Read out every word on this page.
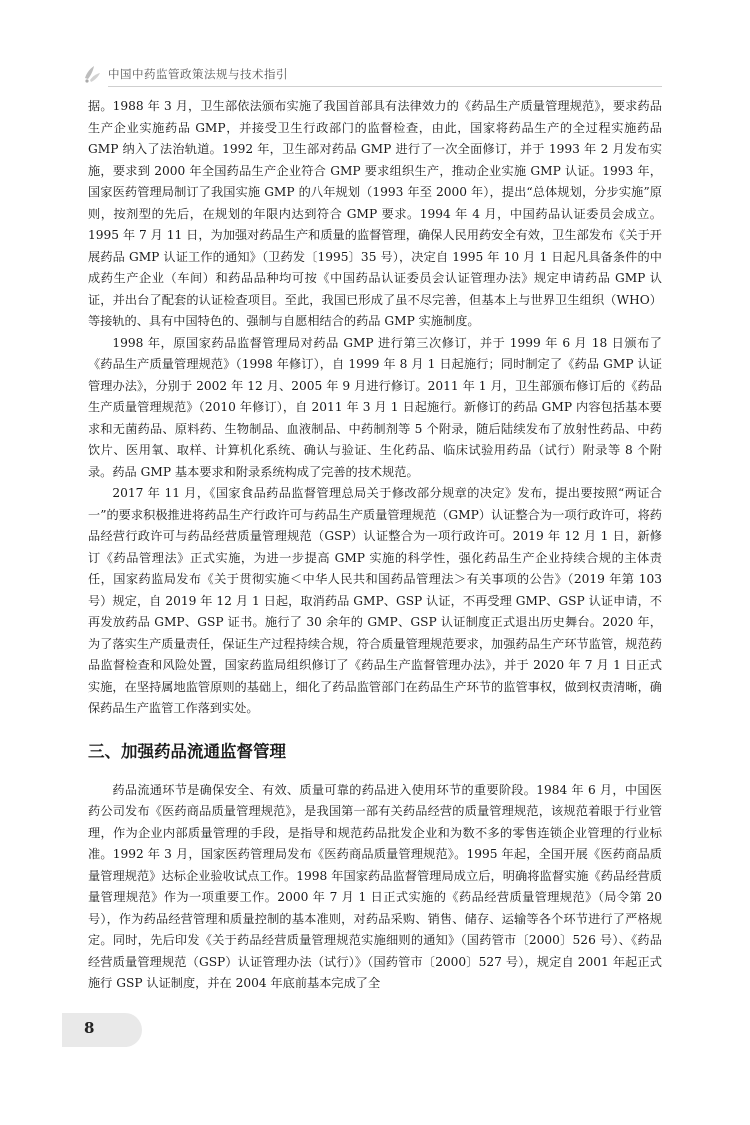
中国中药监管政策法规与技术指引

据。1988 年 3 月，卫生部依法颁布实施了我国首部具有法律效力的《药品生产质量管理规范》，要求药品生产企业实施药品 GMP，并接受卫生行政部门的监督检查，由此，国家将药品生产的全过程实施药品 GMP 纳入了法治轨道。1992 年，卫生部对药品 GMP 进行了一次全面修订，并于 1993 年 2 月发布实施，要求到 2000 年全国药品生产企业符合 GMP 要求组织生产，推动企业实施 GMP 认证。1993 年，国家医药管理局制订了我国实施 GMP 的八年规划（1993 年至 2000 年），提出“总体规划，分步实施”原则，按剂型的先后，在规划的年限内达到符合 GMP 要求。1994 年 4 月，中国药品认证委员会成立。1995 年 7 月 11 日，为加强对药品生产和质量的监督管理，确保人民用药安全有效，卫生部发布《关于开展药品 GMP 认证工作的通知》（卫药发〔1995〕35 号），决定自 1995 年 10 月 1 日起凡具备条件的中成药生产企业（车间）和药品品种均可按《中国药品认证委员会认证管理办法》规定申请药品 GMP 认证，并出台了配套的认证检查项目。至此，我国已形成了虽不尽完善，但基本上与世界卫生组织（WHO）等接轨的、具有中国特色的、强制与自愿相结合的药品 GMP 实施制度。

1998 年，原国家药品监督管理局对药品 GMP 进行第三次修订，并于 1999 年 6 月 18 日颁布了《药品生产质量管理规范》（1998 年修订），自 1999 年 8 月 1 日起施行；同时制定了《药品 GMP 认证管理办法》，分别于 2002 年 12 月、2005 年 9 月进行修订。2011 年 1 月，卫生部颁布修订后的《药品生产质量管理规范》（2010 年修订），自 2011 年 3 月 1 日起施行。新修订的药品 GMP 内容包括基本要求和无菌药品、原料药、生物制品、血液制品、中药制剂等 5 个附录，随后陆续发布了放射性药品、中药饮片、医用氧、取样、计算机化系统、确认与验证、生化药品、临床试验用药品（试行）附录等 8 个附录。药品 GMP 基本要求和附录系统构成了完善的技术规范。

2017 年 11 月，《国家食品药品监督管理总局关于修改部分规章的决定》发布，提出要按照“两证合一”的要求积极推进将药品生产行政许可与药品生产质量管理规范（GMP）认证整合为一项行政许可，将药品经营行政许可与药品经营质量管理规范（GSP）认证整合为一项行政许可。2019 年 12 月 1 日，新修订《药品管理法》正式实施，为进一步提高 GMP 实施的科学性，强化药品生产企业持续合规的主体责任，国家药监局发布《关于贯彻实施＜中华人民共和国药品管理法＞有关事项的公告》（2019 年第 103 号）规定，自 2019 年 12 月 1 日起，取消药品 GMP、GSP 认证，不再受理 GMP、GSP 认证申请，不再发放药品 GMP、GSP 证书。施行了 30 余年的 GMP、GSP 认证制度正式退出历史舞台。2020 年，为了落实生产质量责任，保证生产过程持续合规，符合质量管理规范要求，加强药品生产环节监管，规范药品监督检查和风险处置，国家药监局组织修订了《药品生产监督管理办法》，并于 2020 年 7 月 1 日正式实施，在坚持属地监管原则的基础上，细化了药品监管部门在药品生产环节的监管事权，做到权责清晰，确保药品生产监管工作落到实处。

三、加强药品流通监督管理

药品流通环节是确保安全、有效、质量可靠的药品进入使用环节的重要阶段。1984 年 6 月，中国医药公司发布《医药商品质量管理规范》，是我国第一部有关药品经营的质量管理规范，该规范着眼于行业管理，作为企业内部质量管理的手段，是指导和规范药品批发企业和为数不多的零售连锁企业管理的行业标准。1992 年 3 月，国家医药管理局发布《医药商品质量管理规范》。1995 年起，全国开展《医药商品质量管理规范》达标企业验收试点工作。1998 年国家药品监督管理局成立后，明确将监督实施《药品经营质量管理规范》作为一项重要工作。2000 年 7 月 1 日正式实施的《药品经营质量管理规范》（局令第 20 号），作为药品经营管理和质量控制的基本准则，对药品采购、销售、储存、运输等各个环节进行了严格规定。同时，先后印发《关于药品经营质量管理规范实施细则的通知》（国药管市〔2000〕526 号）、《药品经营质量管理规范（GSP）认证管理办法（试行）》（国药管市〔2000〕527 号），规定自 2001 年起正式施行 GSP 认证制度，并在 2004 年底前基本完成了全

8
